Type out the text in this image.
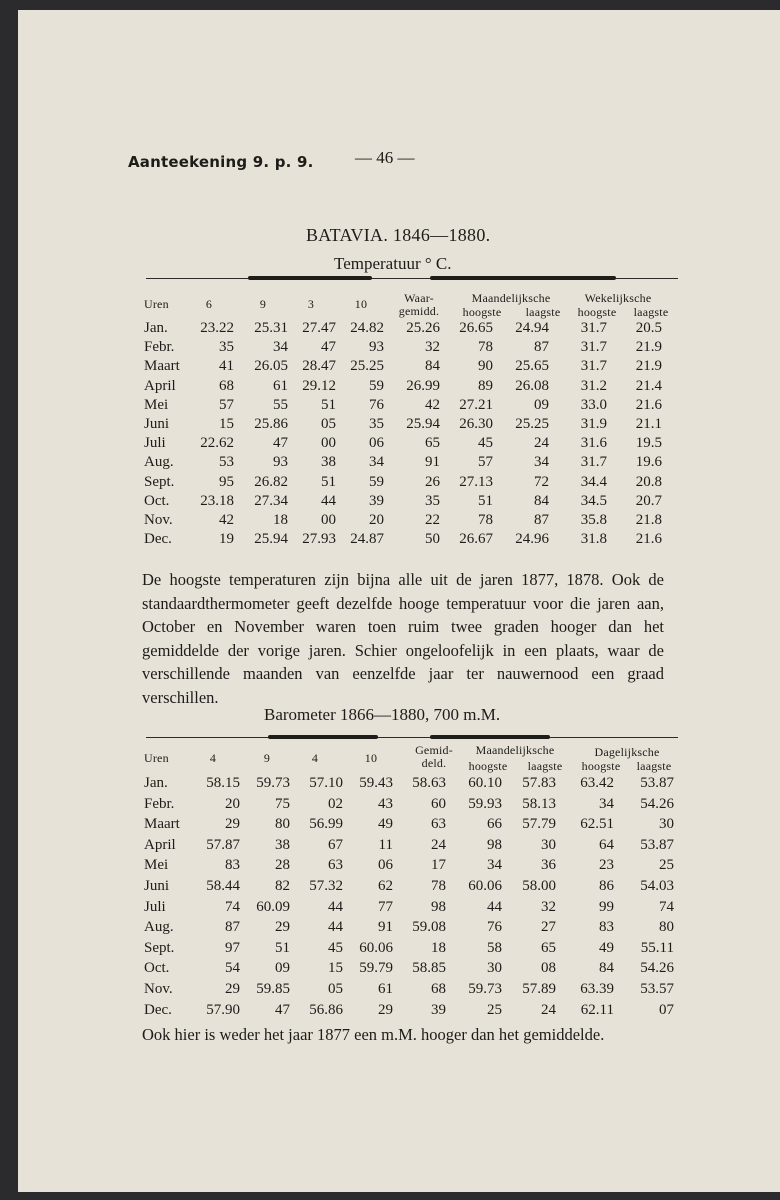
Aanteekening 9. p. 9. — 46 —
BATAVIA. 1846—1880.
Temperatuur ° C.
Uren	6	9	3	10	Waar-
gemidd.
Maandelijksche
hoogste	laagste
Wekelijksche
hoogste	laagste
Jan.	23.22	25.31 27.47 24.82	25.26	26.65	24.94	31.7	20.5
Febr.	35	34	47	93	32	78	87	31.7	21.9
Maart	41	26.05 28.47 25.25	84	90	25.65	31.7	21.9
April	68	61 29.12	59	26.99	89	26.08	31.2	21.4
Mei	57	55	51	76	42	27.21	09	33.0	21.6
Juni	15	25.86	05	35	25.94	26.30	25.25	31.9	21.1
Juli	22.62	47	00	06	65	45	24	31.6	19.5
Aug.	53	93	38	34	91	57	34	31.7	19.6
Sept.	95	26.82	51	59	26	27.13	72	34.4	20.8
Oct.	23.18	27.34	44	39	35	51	84	34.5	20.7
Nov.	42	18	00	20	22	78	87	35.8	21.8
Dec.	19	25.94 27.93 24.87	50	26.67	24.96	31.8	21.6

De hoogste temperaturen zijn bijna alle uit de jaren 1877, 1878. Ook de standaardthermometer geeft dezelfde hooge temperatuur voor die jaren aan, October en November waren toen ruim twee graden hooger dan het gemiddelde der vorige jaren. Schier ongeloofelijk in een plaats, waar de verschillende maanden van eenzelfde jaar ter nauwernood een graad verschillen.

Barometer 1866—1880, 700 m.M.
Uren	4	9	4	10
Gemid-
deld.
Maandelijksche
hoogste	laagste
Dagelijksche
hoogste	laagste
Jan.	58.15	59.73	57.10	59.43	58.63	60.10	57.83	63.42	53.87
Febr.	20	75	02	43	60	59.93	58.13	34	54.26
Maart	29	80	56.99	49	63	66	57.79	62.51	30
April	57.87	38	67	11	24	98	30	64	53.87
Mei	83	28	63	06	17	34	36	23	25
Juni	58.44	82	57.32	62	78	60.06	58.00	86	54.03
Juli	74	60.09	44	77	98	44	32	99	74
Aug.	87	29	44	91	59.08	76	27	83	80
Sept.	97	51	45	60.06	18	58	65	49	55.11
Oct.	54	09	15	59.79	58.85	30	08	84	54.26
Nov.	29	59.85	05	61	68	59.73	57.89	63.39	53.57
Dec.	57.90	47	56.86	29	39	25	24	62.11	07
Ook hier is weder het jaar 1877 een m.M. hooger dan het gemiddelde.
